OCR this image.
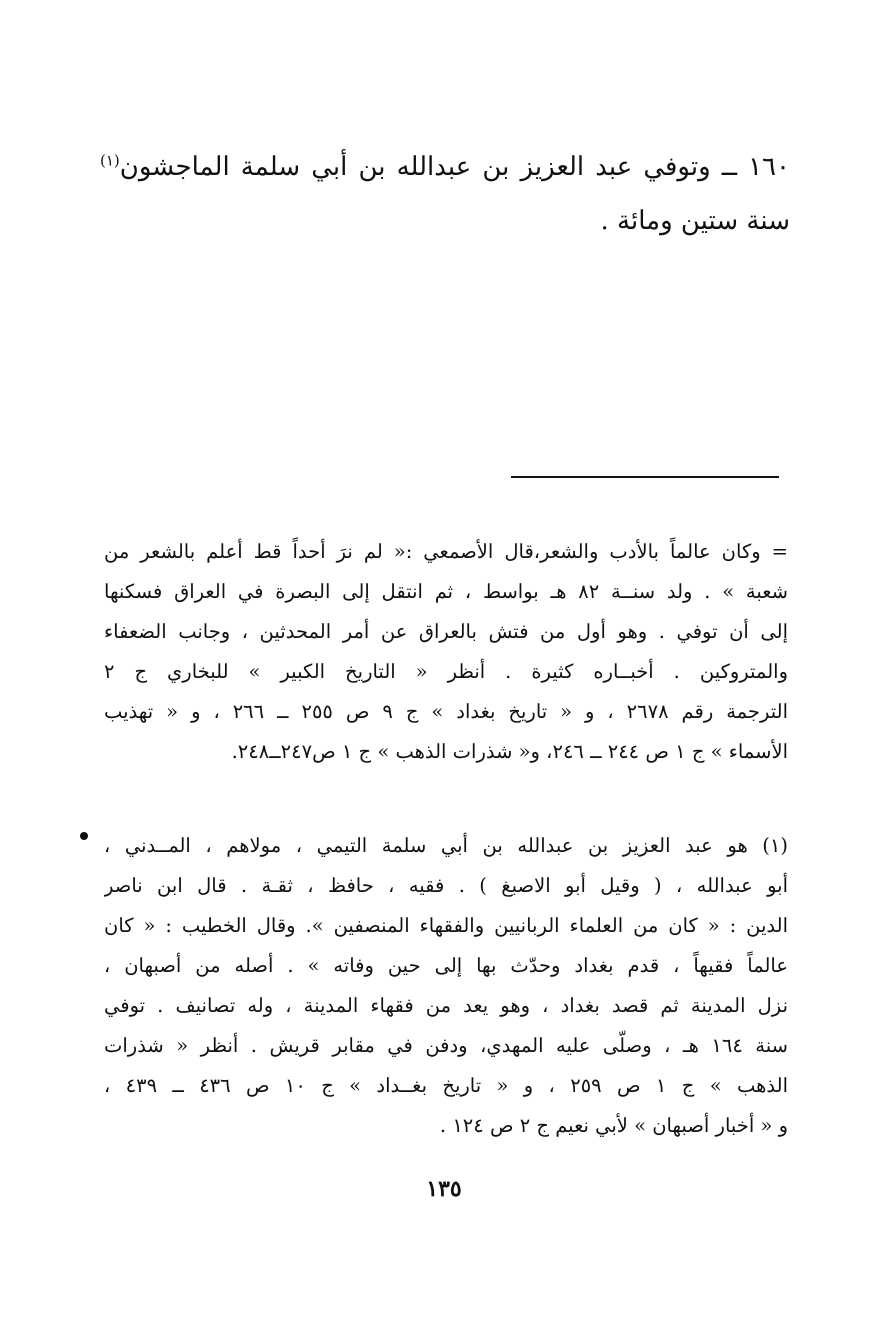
١٦٠ ــ وتوفي عبد العزيز بن عبدالله بن أبي سلمة الماجشون$^{(١)}$ سنة ستين ومائة .

= وكان عالماً بالأدب والشعر،قال الأصمعي :« لم نرَ أحداً قط أعلم بالشعر من
شعبة » . ولد سنــة ٨٢ هـ بواسط ، ثم انتقل إلى البصرة في العراق فسكنها
إلى أن توفي . وهو أول من فتش بالعراق عن أمر المحدثين ، وجانب الضعفاء
والمتروكين . أخبــاره كثيرة . أنظر « التاريخ الكبير » للبخاري ج ٢
الترجمة رقم ٢٦٧٨ ، و « تاريخ بغداد » ج ٩ ص ٢٥٥ ــ ٢٦٦ ، و « تهذيب
الأسماء » ج ١ ص ٢٤٤ ــ ٢٤٦، و« شذرات الذهب » ج ١ ص٢٤٧ــ٢٤٨.
(١) هو عبد العزيز بن عبدالله بن أبي سلمة التيمي ، مولاهم ، المــدني ،
أبو عبدالله ، ( وقيل أبو الاصبغ ) . فقيه ، حافظ ، ثقـة . قال ابن ناصر
الدين : « كان من العلماء الربانيين والفقهاء المنصفين ». وقال الخطيب : « كان
عالماً فقيهاً ، قدم بغداد وحدّث بها إلى حين وفاته » . أصله من أصبهان ،
نزل المدينة ثم قصد بغداد ، وهو يعد من فقهاء المدينة ، وله تصانيف . توفي
سنة ١٦٤ هـ ، وصلّى عليه المهدي، ودفن في مقابر قريش . أنظر « شذرات
الذهب » ج ١ ص ٢٥٩ ، و « تاريخ بغــداد » ج ١٠ ص ٤٣٦ ــ ٤٣٩ ،
و « أخبار أصبهان » لأبي نعيم ج ٢ ص ١٢٤ .
١٣٥
